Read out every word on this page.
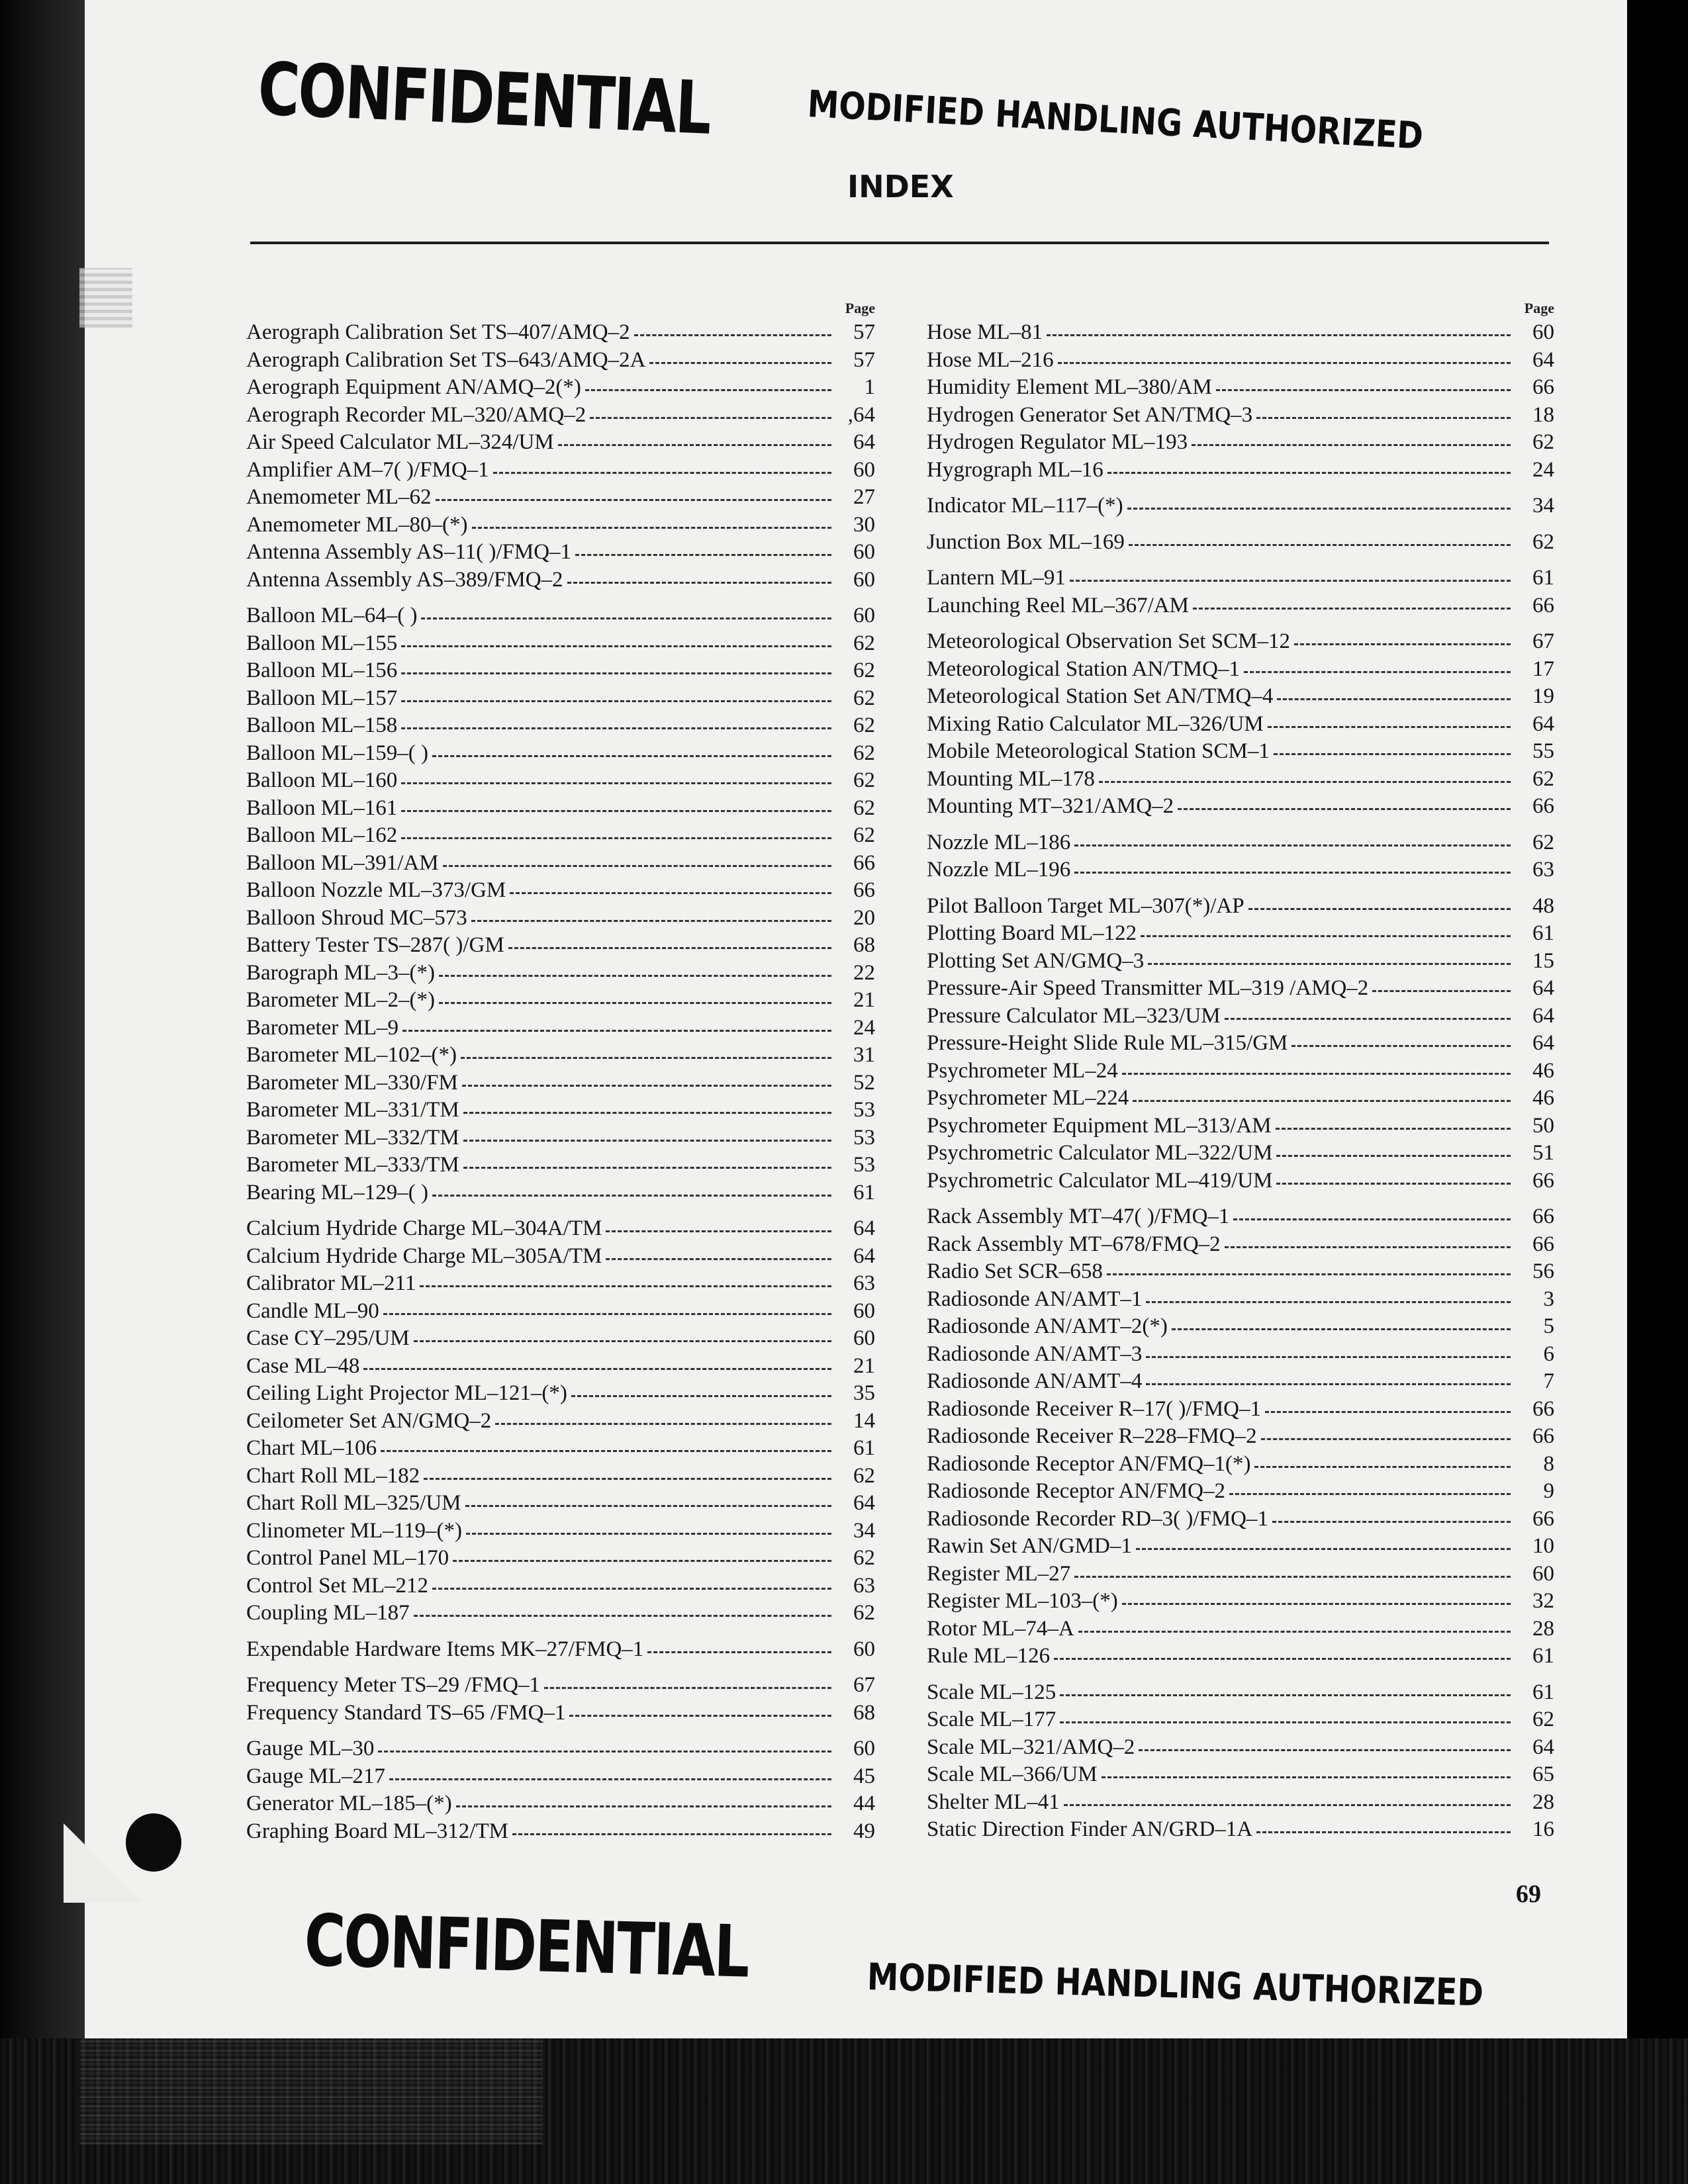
CONFIDENTIAL	MODIFIED HANDLING AUTHORIZED
INDEX
Page
Aerograph Calibration Set TS–407/AMQ–2	57
Aerograph Calibration Set TS–643/AMQ–2A	57
Aerograph Equipment AN/AMQ–2(*)	1
Aerograph Recorder ML–320/AMQ–2	,64
Air Speed Calculator ML–324/UM	64
Amplifier AM–7( )/FMQ–1	60
Anemometer ML–62	27
Anemometer ML–80–(*)	30
Antenna Assembly AS–11( )/FMQ–1	60
Antenna Assembly AS–389/FMQ–2	60
Balloon ML–64–( )	60
Balloon ML–155	62
Balloon ML–156	62
Balloon ML–157	62
Balloon ML–158	62
Balloon ML–159–( )	62
Balloon ML–160	62
Balloon ML–161	62
Balloon ML–162	62
Balloon ML–391/AM	66
Balloon Nozzle ML–373/GM	66
Balloon Shroud MC–573	20
Battery Tester TS–287( )/GM	68
Barograph ML–3–(*)	22
Barometer ML–2–(*)	21
Barometer ML–9	24
Barometer ML–102–(*)	31
Barometer ML–330/FM	52
Barometer ML–331/TM	53
Barometer ML–332/TM	53
Barometer ML–333/TM	53
Bearing ML–129–( )	61
Calcium Hydride Charge ML–304A/TM	64
Calcium Hydride Charge ML–305A/TM	64
Calibrator ML–211	63
Candle ML–90	60
Case CY–295/UM	60
Case ML–48	21
Ceiling Light Projector ML–121–(*)	35
Ceilometer Set AN/GMQ–2	14
Chart ML–106	61
Chart Roll ML–182	62
Chart Roll ML–325/UM	64
Clinometer ML–119–(*)	34
Control Panel ML–170	62
Control Set ML–212	63
Coupling ML–187	62
Expendable Hardware Items MK–27/FMQ–1	60
Frequency Meter TS–29 /FMQ–1	67
Frequency Standard TS–65 /FMQ–1	68
Gauge ML–30	60
Gauge ML–217	45
Generator ML–185–(*)	44
Graphing Board ML–312/TM	49
Page
Hose ML–81	60
Hose ML–216	64
Humidity Element ML–380/AM	66
Hydrogen Generator Set AN/TMQ–3	18
Hydrogen Regulator ML–193	62
Hygrograph ML–16	24
Indicator ML–117–(*)	34
Junction Box ML–169	62
Lantern ML–91	61
Launching Reel ML–367/AM	66
Meteorological Observation Set SCM–12	67
Meteorological Station AN/TMQ–1	17
Meteorological Station Set AN/TMQ–4	19
Mixing Ratio Calculator ML–326/UM	64
Mobile Meteorological Station SCM–1	55
Mounting ML–178	62
Mounting MT–321/AMQ–2	66
Nozzle ML–186	62
Nozzle ML–196	63
Pilot Balloon Target ML–307(*)/AP	48
Plotting Board ML–122	61
Plotting Set AN/GMQ–3	15
Pressure-Air Speed Transmitter ML–319 /AMQ–2	64
Pressure Calculator ML–323/UM	64
Pressure-Height Slide Rule ML–315/GM	64
Psychrometer ML–24	46
Psychrometer ML–224	46
Psychrometer Equipment ML–313/AM	50
Psychrometric Calculator ML–322/UM	51
Psychrometric Calculator ML–419/UM	66
Rack Assembly MT–47( )/FMQ–1	66
Rack Assembly MT–678/FMQ–2	66
Radio Set SCR–658	56
Radiosonde AN/AMT–1	3
Radiosonde AN/AMT–2(*)	5
Radiosonde AN/AMT–3	6
Radiosonde AN/AMT–4	7
Radiosonde Receiver R–17( )/FMQ–1	66
Radiosonde Receiver R–228–FMQ–2	66
Radiosonde Receptor AN/FMQ–1(*)	8
Radiosonde Receptor AN/FMQ–2	9
Radiosonde Recorder RD–3( )/FMQ–1	66
Rawin Set AN/GMD–1	10
Register ML–27	60
Register ML–103–(*)	32
Rotor ML–74–A	28
Rule ML–126	61
Scale ML–125	61
Scale ML–177	62
Scale ML–321/AMQ–2	64
Scale ML–366/UM	65
Shelter ML–41	28
Static Direction Finder AN/GRD–1A	16
69
CONFIDENTIAL	MODIFIED HANDLING AUTHORIZED
